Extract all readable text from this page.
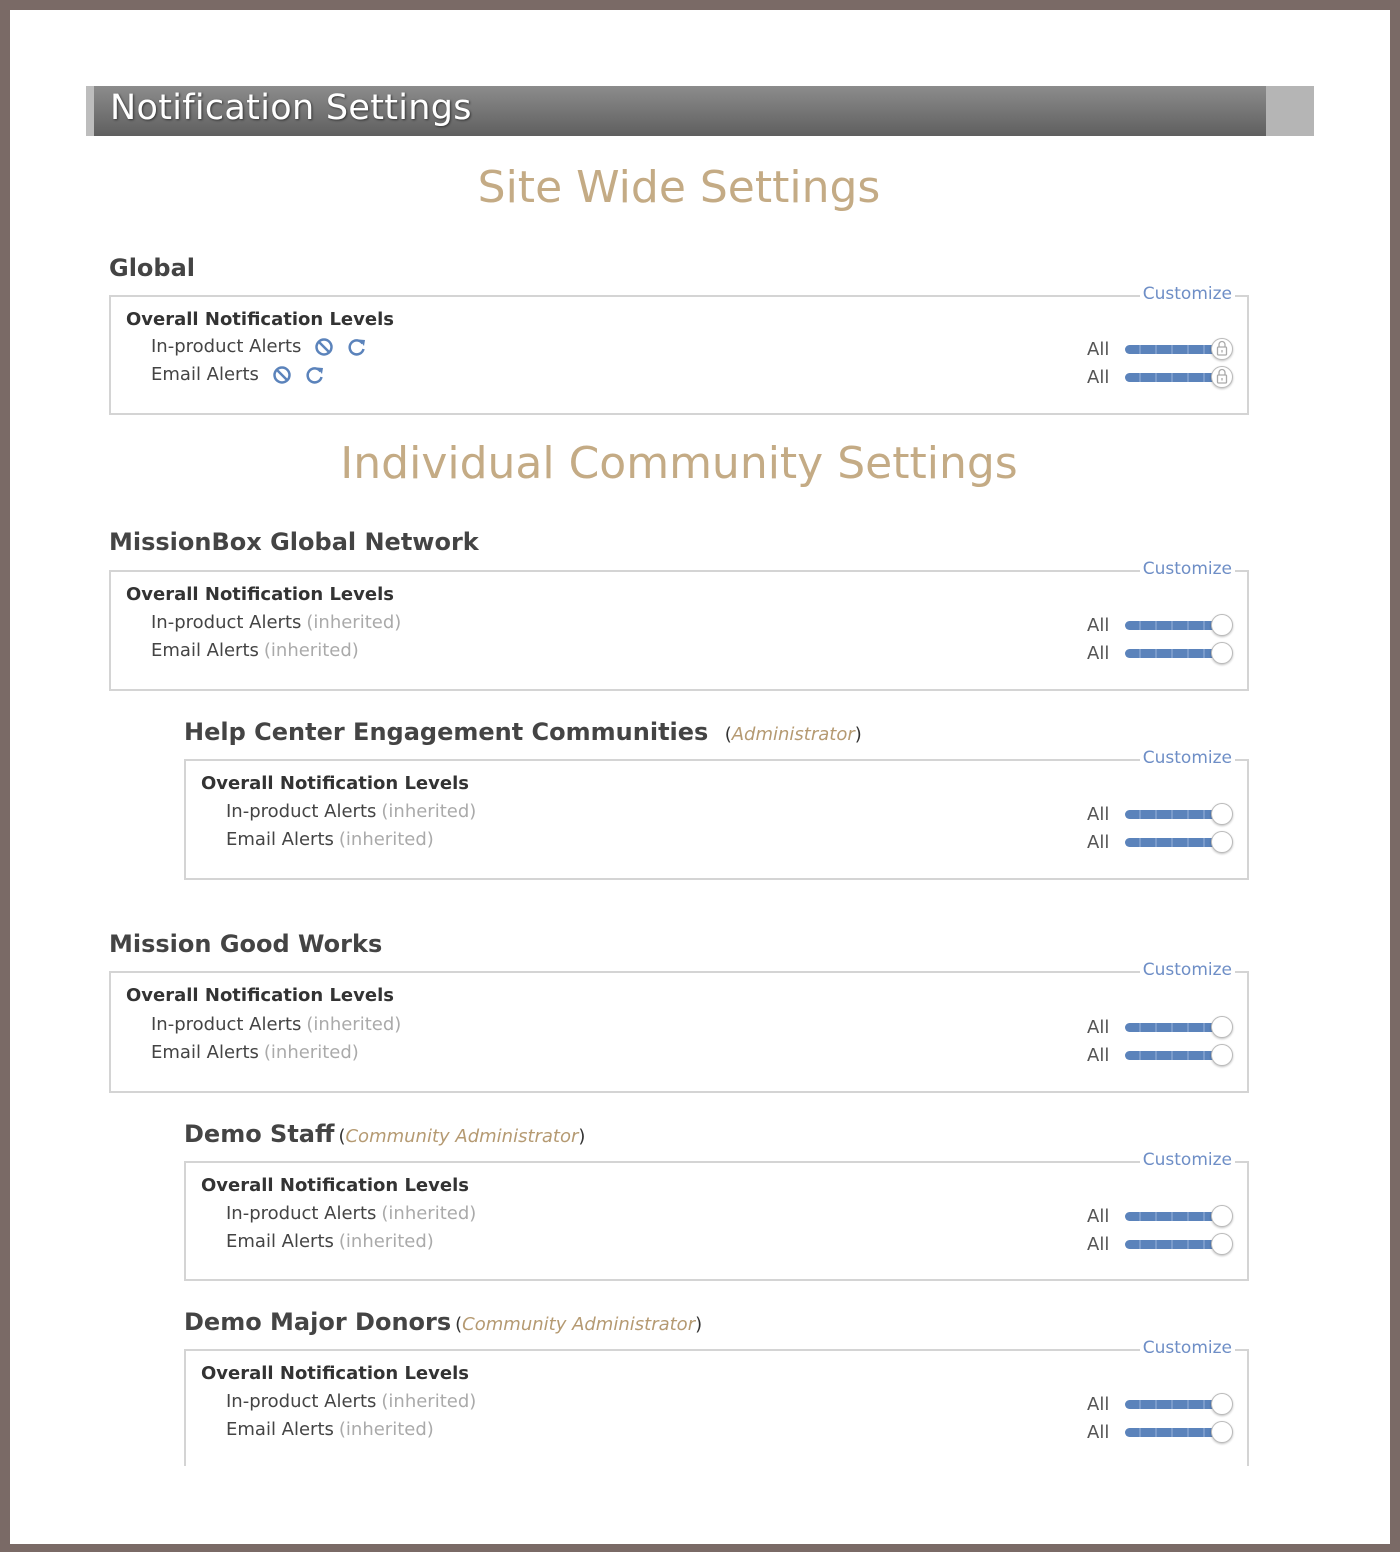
Notification Settings
Site Wide Settings
Global
Customize
Overall Notification Levels
In-product Alerts
Email Alerts
All
All
Individual Community Settings
MissionBox Global Network
Customize
Overall Notification Levels
In-product Alerts (inherited)
Email Alerts (inherited)
All
All
Help Center Engagement Communities (Administrator)
Customize
Overall Notification Levels
In-product Alerts (inherited)
Email Alerts (inherited)
All
All
Mission Good Works
Customize
Overall Notification Levels
In-product Alerts (inherited)
Email Alerts (inherited)
All
All
Demo Staff (Community Administrator)
Customize
Overall Notification Levels
In-product Alerts (inherited)
Email Alerts (inherited)
All
All
Demo Major Donors (Community Administrator)
Customize
Overall Notification Levels
In-product Alerts (inherited)
Email Alerts (inherited)
All
All
